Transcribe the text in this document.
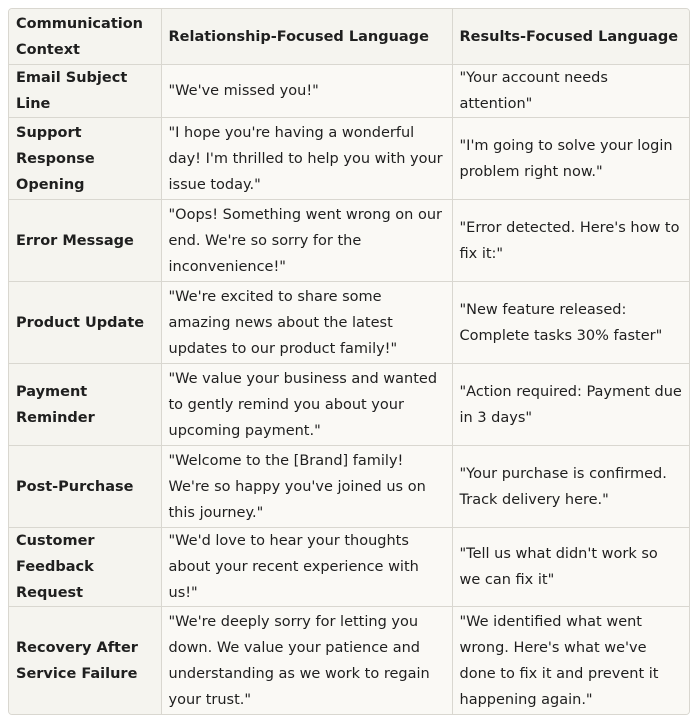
Communication Context	Relationship-Focused Language	Results-Focused Language
Email Subject Line	"We've missed you!"	"Your account needs attention"
Support Response Opening	"I hope you're having a wonderful day! I'm thrilled to help you with your issue today."	"I'm going to solve your login problem right now."
Error Message	"Oops! Something went wrong on our end. We're so sorry for the inconvenience!"	"Error detected. Here's how to fix it:"
Product Update	"We're excited to share some amazing news about the latest updates to our product family!"	"New feature released: Complete tasks 30% faster"
Payment Reminder	"We value your business and wanted to gently remind you about your upcoming payment."	"Action required: Payment due in 3 days"
Post-Purchase	"Welcome to the [Brand] family! We're so happy you've joined us on this journey."	"Your purchase is confirmed. Track delivery here."
Customer Feedback Request	"We'd love to hear your thoughts about your recent experience with us!"	"Tell us what didn't work so we can fix it"
Recovery After Service Failure	"We're deeply sorry for letting you down. We value your patience and understanding as we work to regain your trust."	"We identified what went wrong. Here's what we've done to fix it and prevent it happening again."
